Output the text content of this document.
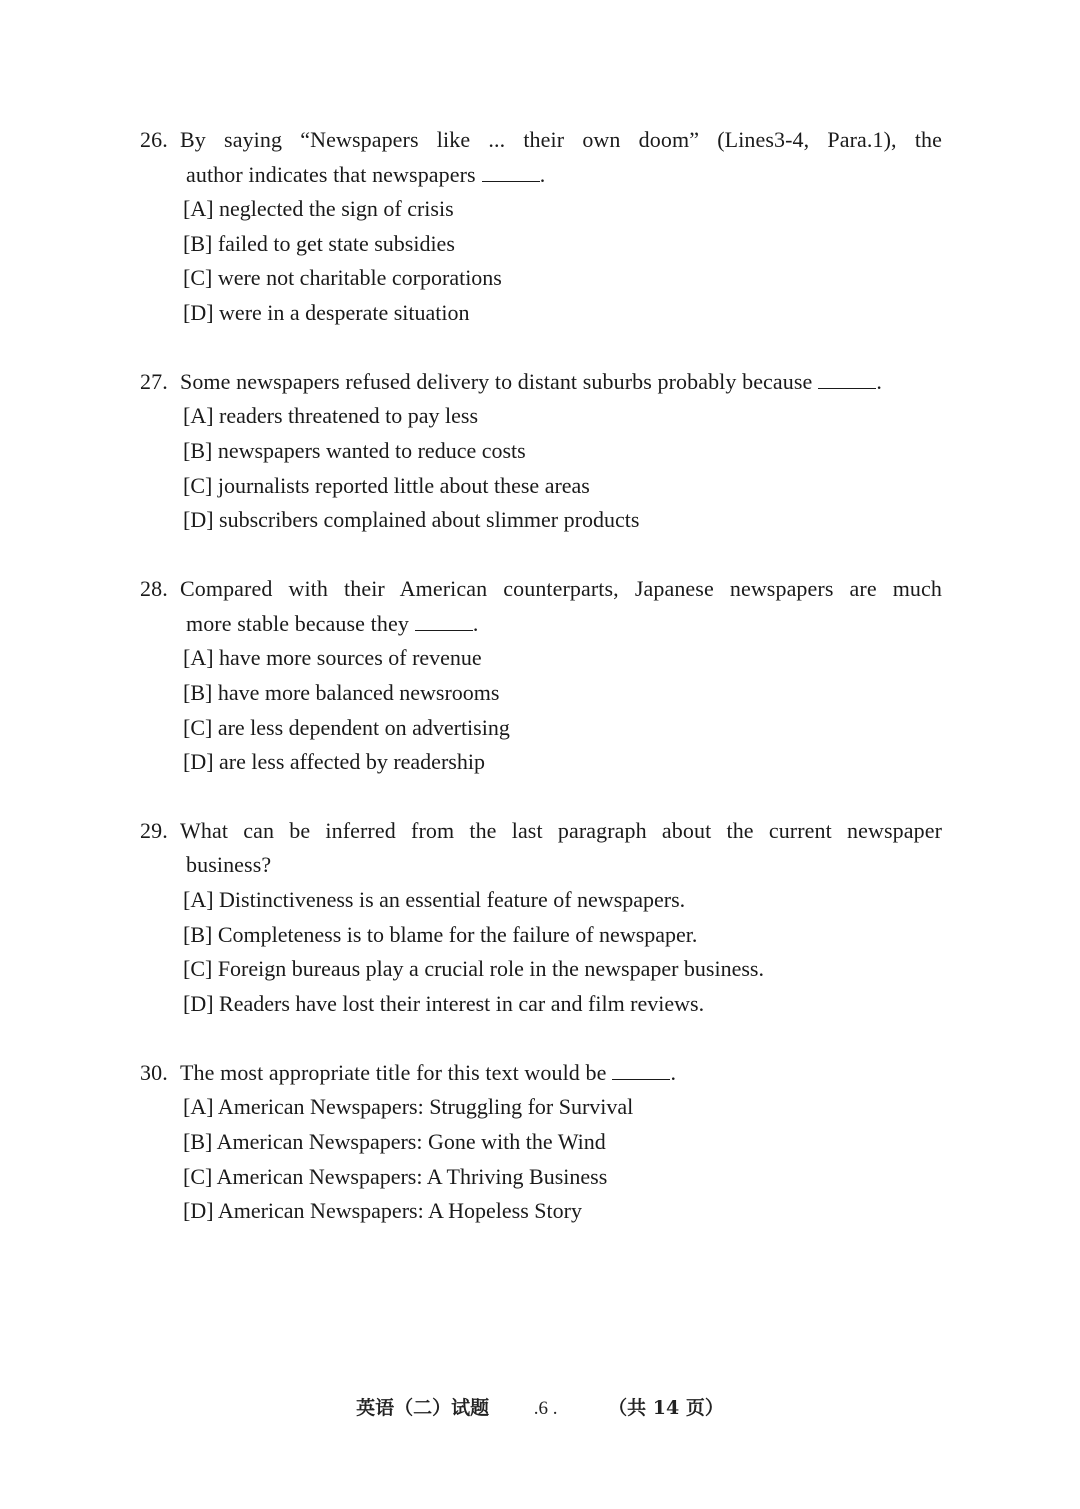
26. By saying “Newspapers like ... their own doom” (Lines3-4, Para.1), the
author indicates that newspapers	.
[A] neglected the sign of crisis
[B] failed to get state subsidies
[C] were not charitable corporations
[D] were in a desperate situation
27. Some newspapers refused delivery to distant suburbs probably because	.
[A] readers threatened to pay less
[B] newspapers wanted to reduce costs
[C] journalists reported little about these areas
[D] subscribers complained about slimmer products
28. Compared with their American counterparts, Japanese newspapers are much
more stable because they	.
[A] have more sources of revenue
[B] have more balanced newsrooms
[C] are less dependent on advertising
[D] are less affected by readership
29. What can be inferred from the last paragraph about the current newspaper
business?
[A] Distinctiveness is an essential feature of newspapers.
[B] Completeness is to blame for the failure of newspaper.
[C] Foreign bureaus play a crucial role in the newspaper business.
[D] Readers have lost their interest in car and film reviews.
30. The most appropriate title for this text would be	.
[A] American Newspapers: Struggling for Survival
[B] American Newspapers: Gone with the Wind
[C] American Newspapers: A Thriving Business
[D] American Newspapers: A Hopeless Story
英语（二）试题 .6 .	（共 14 页）
